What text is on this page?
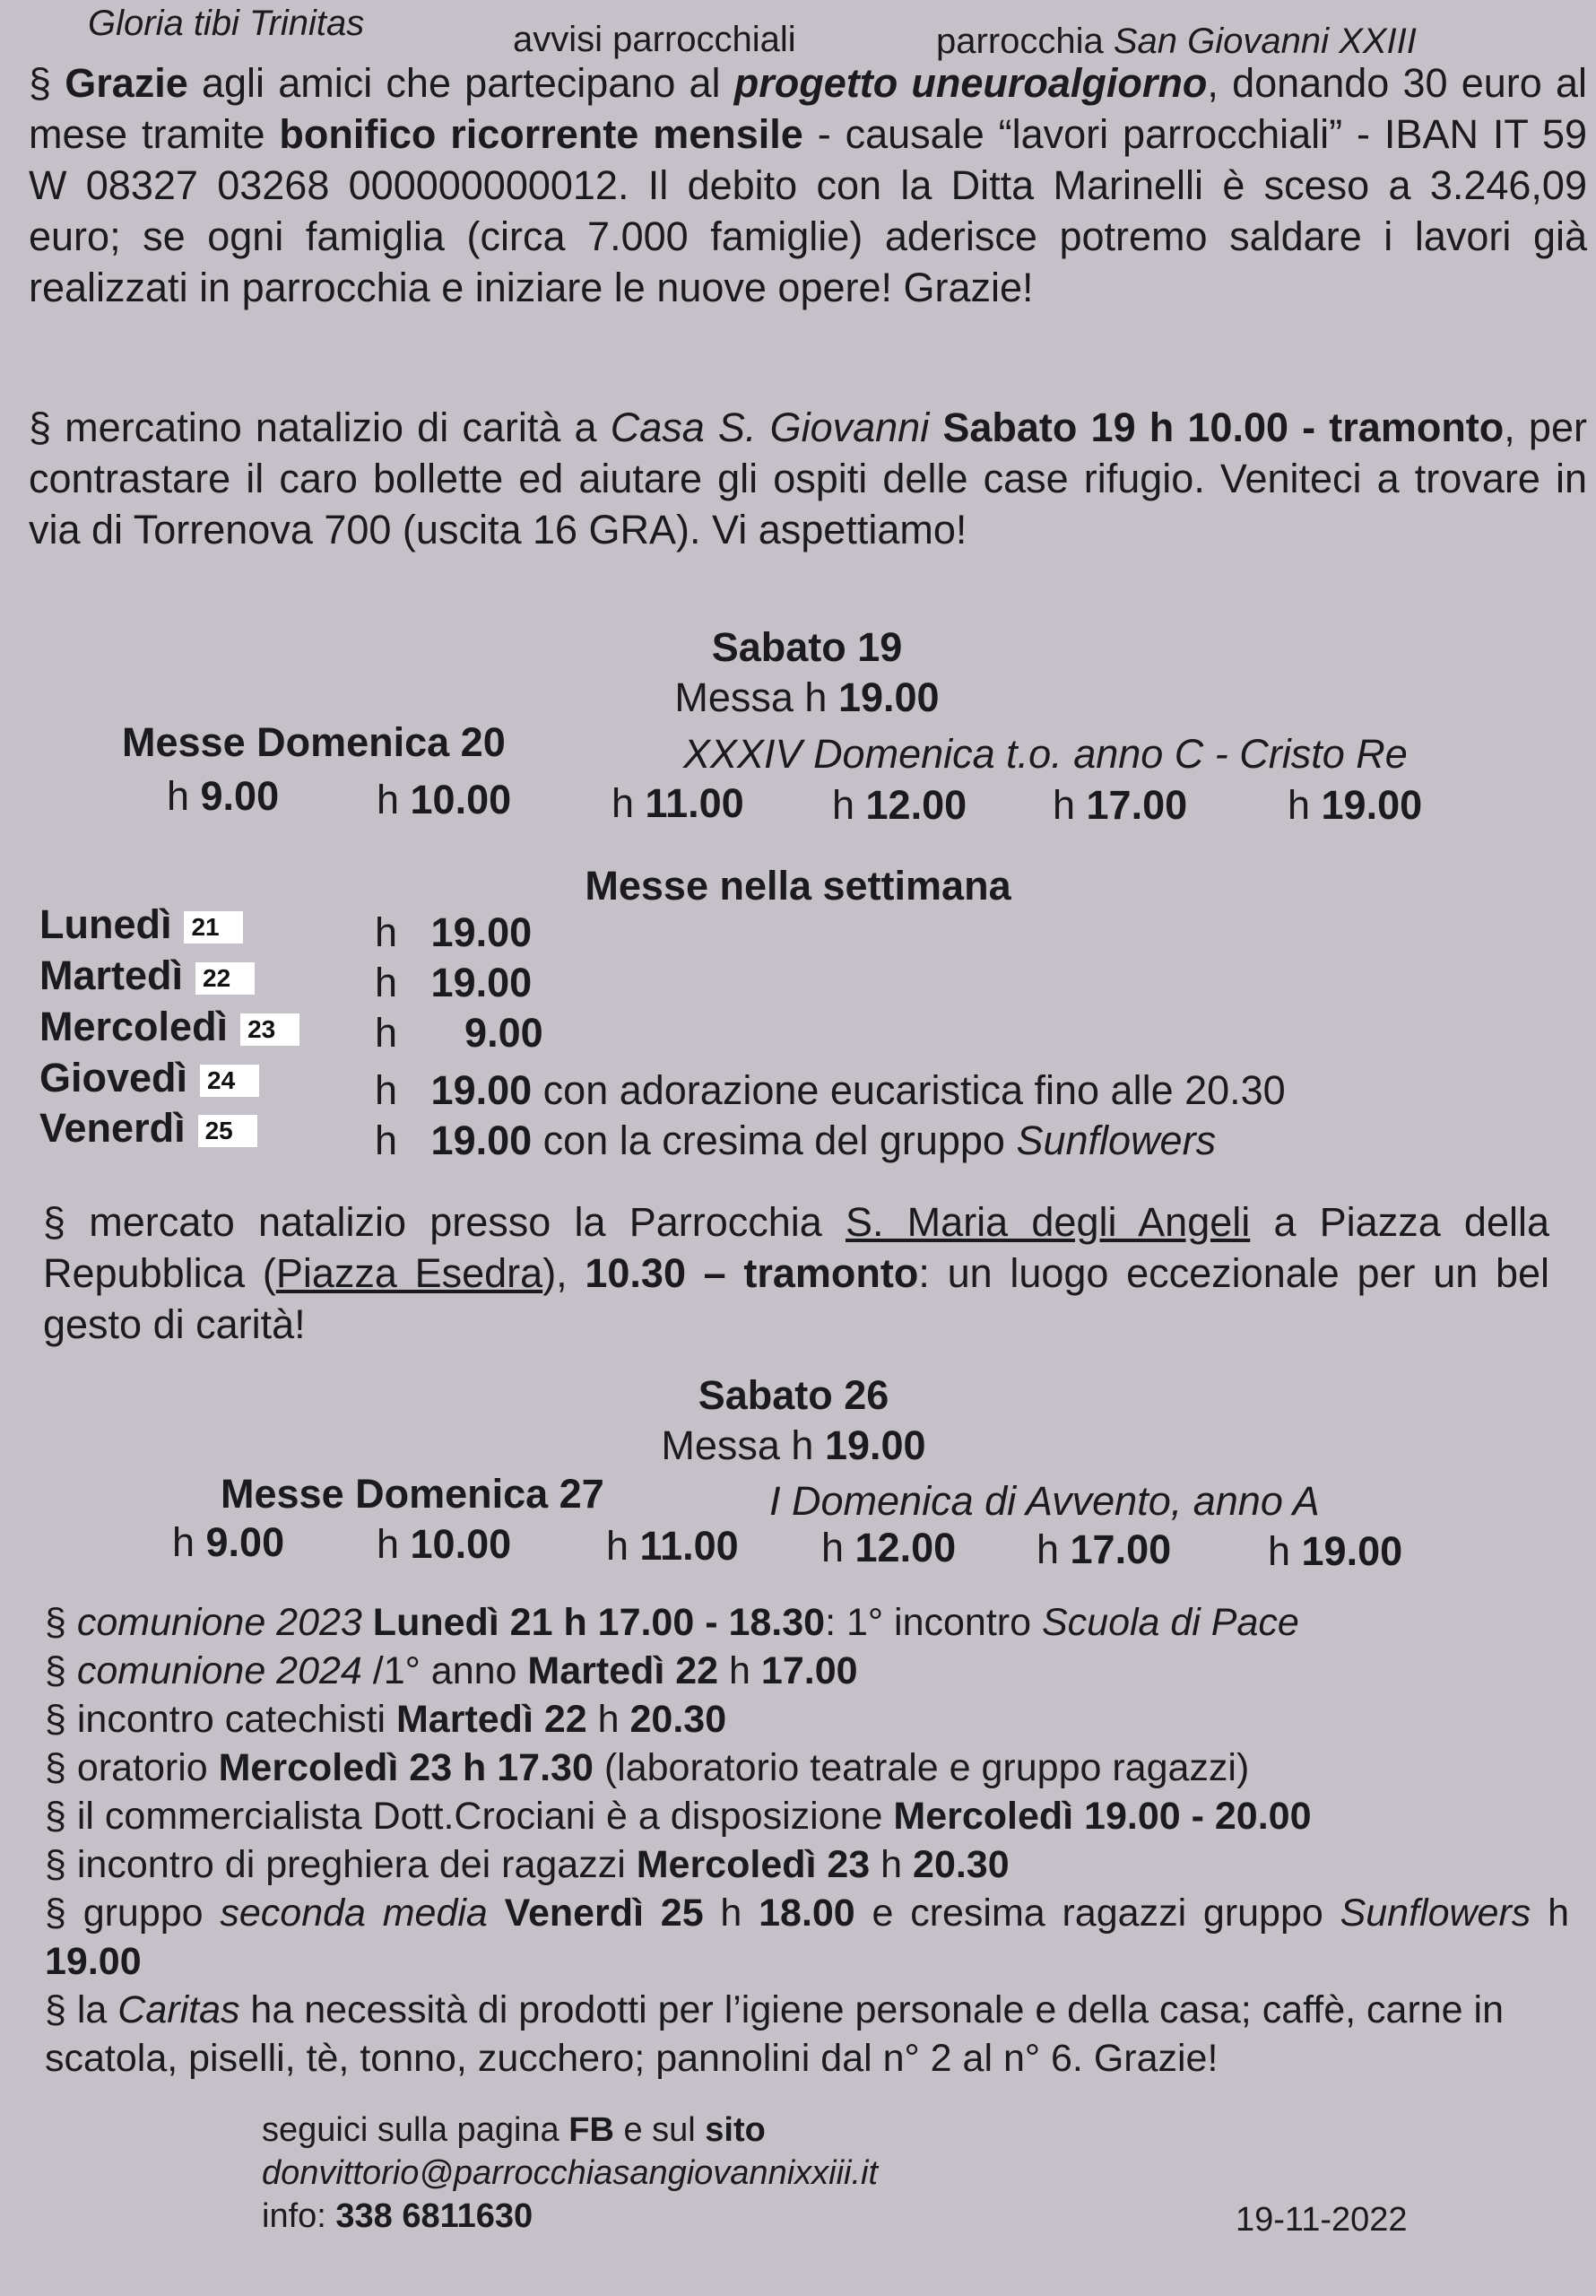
Gloria tibi Trinitas	avvisi parrocchiali	parrocchia San Giovanni XXIII
§ Grazie agli amici che partecipano al progetto uneuroalgiorno, donando 30 euro al mese tramite bonifico ricorrente mensile - causale “lavori parrocchiali” - IBAN IT 59 W 08327 03268 000000000012. Il debito con la Ditta Marinelli è sceso a 3.246,09 euro; se ogni famiglia (circa 7.000 famiglie) aderisce potremo saldare i lavori già realizzati in parrocchia e iniziare le nuove opere! Grazie!
§ mercatino natalizio di carità a Casa S. Giovanni Sabato 19 h 10.00 - tramonto, per contrastare il caro bollette ed aiutare gli ospiti delle case rifugio. Veniteci a trovare in via di Torrenova 700 (uscita 16 GRA). Vi aspettiamo!
Sabato 19
Messa h 19.00
Messe Domenica 20	XXXIV Domenica t.o. anno C - Cristo Re
h 9.00 h 10.00 h 11.00 h 12.00 h 17.00 h 19.00
Messe nella settimana
Lunedì 21	h 19.00
Martedì 22	h 19.00
Mercoledì 23	h 9.00
Giovedì 24	h 19.00 con adorazione eucaristica fino alle 20.30
Venerdì 25	h 19.00 con la cresima del gruppo Sunflowers
§ mercato natalizio presso la Parrocchia S. Maria degli Angeli a Piazza della Repubblica (Piazza Esedra), 10.30 – tramonto: un luogo eccezionale per un bel gesto di carità!
Sabato 26
Messa h 19.00
Messe Domenica 27	I Domenica di Avvento, anno A
h 9.00 h 10.00 h 11.00 h 12.00 h 17.00 h 19.00
§ comunione 2023 Lunedì 21 h 17.00 - 18.30: 1° incontro Scuola di Pace
§ comunione 2024 /1° anno Martedì 22 h 17.00
§ incontro catechisti Martedì 22 h 20.30
§ oratorio Mercoledì 23 h 17.30 (laboratorio teatrale e gruppo ragazzi)
§ il commercialista Dott.Crociani è a disposizione Mercoledì 19.00 - 20.00
§ incontro di preghiera dei ragazzi Mercoledì 23 h 20.30
§ gruppo seconda media Venerdì 25 h 18.00 e cresima ragazzi gruppo Sunflowers h 19.00
§ la Caritas ha necessità di prodotti per l’igiene personale e della casa; caffè, carne in scatola, piselli, tè, tonno, zucchero; pannolini dal n° 2 al n° 6. Grazie!
seguici sulla pagina FB e sul sito
donvittorio@parrocchiasangiovannixxiii.it
info: 338 6811630	19-11-2022
